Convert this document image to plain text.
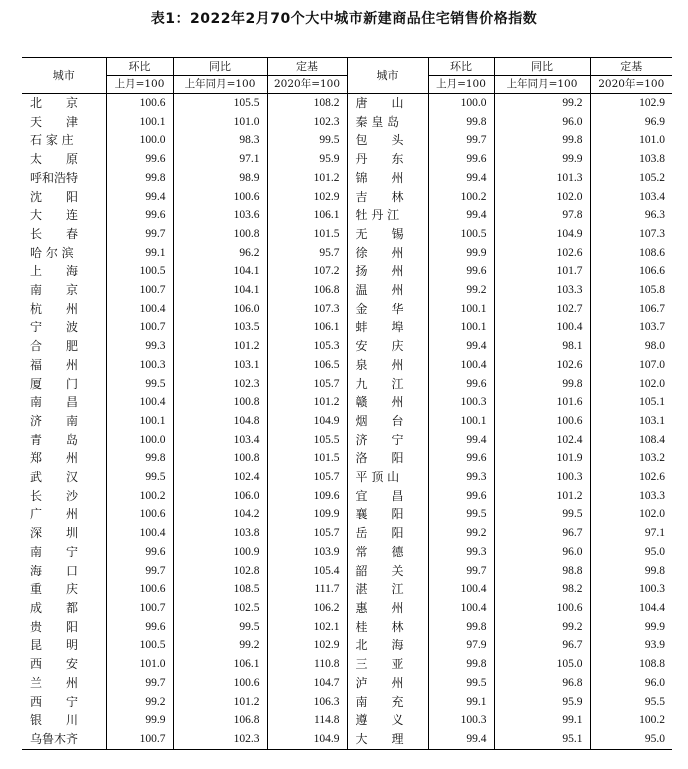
表1：2022年2月70个大中城市新建商品住宅销售价格指数
城市	环比	同比	定基	城市	环比	同比	定基
	上月=100	上年同月=100	2020年=100		上月=100	上年同月=100	2020年=100
北　　京	100.6	105.5	108.2	唐　　山	100.0	99.2	102.9
天　　津	100.1	101.0	102.3	秦 皇 岛	99.8	96.0	96.9
石 家 庄	100.0	98.3	99.5	包　　头	99.7	99.8	101.0
太　　原	99.6	97.1	95.9	丹　　东	99.6	99.9	103.8
呼和浩特	99.8	98.9	101.2	锦　　州	99.4	101.3	105.2
沈　　阳	99.4	100.6	102.9	吉　　林	100.2	102.0	103.4
大　　连	99.6	103.6	106.1	牡 丹 江	99.4	97.8	96.3
长　　春	99.7	100.8	101.5	无　　锡	100.5	104.9	107.3
哈 尔 滨	99.1	96.2	95.7	徐　　州	99.9	102.6	108.6
上　　海	100.5	104.1	107.2	扬　　州	99.6	101.7	106.6
南　　京	100.7	104.1	106.8	温　　州	99.2	103.3	105.8
杭　　州	100.4	106.0	107.3	金　　华	100.1	102.7	106.7
宁　　波	100.7	103.5	106.1	蚌　　埠	100.1	100.4	103.7
合　　肥	99.3	101.2	105.3	安　　庆	99.4	98.1	98.0
福　　州	100.3	103.1	106.5	泉　　州	100.4	102.6	107.0
厦　　门	99.5	102.3	105.7	九　　江	99.6	99.8	102.0
南　　昌	100.4	100.8	101.2	赣　　州	100.3	101.6	105.1
济　　南	100.1	104.8	104.9	烟　　台	100.1	100.6	103.1
青　　岛	100.0	103.4	105.5	济　　宁	99.4	102.4	108.4
郑　　州	99.8	100.8	101.5	洛　　阳	99.6	101.9	103.2
武　　汉	99.5	102.4	105.7	平 顶 山	99.3	100.3	102.6
长　　沙	100.2	106.0	109.6	宜　　昌	99.6	101.2	103.3
广　　州	100.6	104.2	109.9	襄　　阳	99.5	99.5	102.0
深　　圳	100.4	103.8	105.7	岳　　阳	99.2	96.7	97.1
南　　宁	99.6	100.9	103.9	常　　德	99.3	96.0	95.0
海　　口	99.7	102.8	105.4	韶　　关	99.7	98.8	99.8
重　　庆	100.6	108.5	111.7	湛　　江	100.4	98.2	100.3
成　　都	100.7	102.5	106.2	惠　　州	100.4	100.6	104.4
贵　　阳	99.6	99.5	102.1	桂　　林	99.8	99.2	99.9
昆　　明	100.5	99.2	102.9	北　　海	97.9	96.7	93.9
西　　安	101.0	106.1	110.8	三　　亚	99.8	105.0	108.8
兰　　州	99.7	100.6	104.7	泸　　州	99.5	96.8	96.0
西　　宁	99.2	101.2	106.3	南　　充	99.1	95.9	95.5
银　　川	99.9	106.8	114.8	遵　　义	100.3	99.1	100.2
乌鲁木齐	100.7	102.3	104.9	大　　理	99.4	95.1	95.0
